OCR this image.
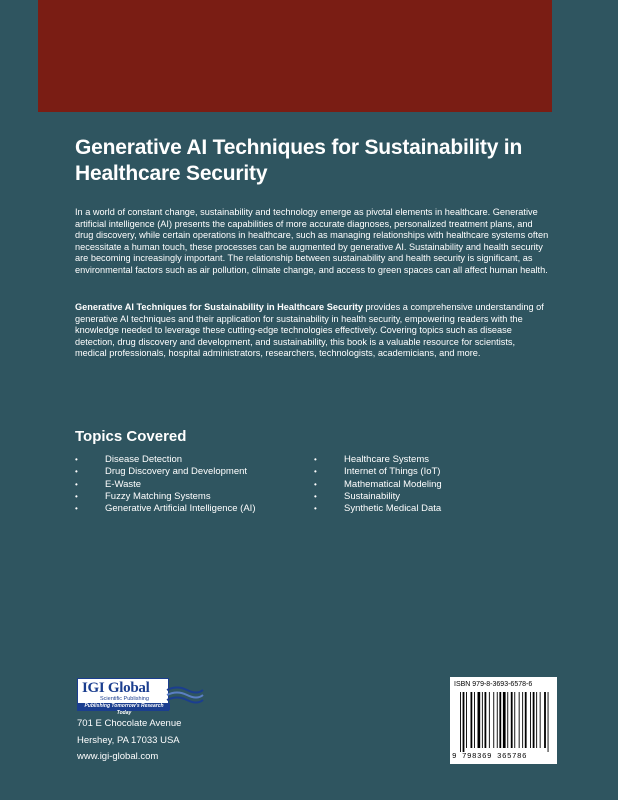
Generative AI Techniques for Sustainability in Healthcare Security

In a world of constant change, sustainability and technology emerge as pivotal elements in healthcare. Generative artificial intelligence (AI) presents the capabilities of more accurate diagnoses, personalized treatment plans, and drug discovery, while certain operations in healthcare, such as managing relationships with healthcare systems often necessitate a human touch, these processes can be augmented by generative AI. Sustainability and health security are becoming increasingly important. The relationship between sustainability and health security is significant, as environmental factors such as air pollution, climate change, and access to green spaces can all affect human health.

Generative AI Techniques for Sustainability in Healthcare Security provides a comprehensive understanding of generative AI techniques and their application for sustainability in health security, empowering readers with the knowledge needed to leverage these cutting-edge technologies effectively. Covering topics such as disease detection, drug discovery and development, and sustainability, this book is a valuable resource for scientists, medical professionals, hospital administrators, researchers, technologists, academicians, and more.

Topics Covered
•	Disease Detection
•	Drug Discovery and Development
•	E-Waste
•	Fuzzy Matching Systems
•	Generative Artificial Intelligence (AI)
•	Healthcare Systems
•	Internet of Things (IoT)
•	Mathematical Modeling
•	Sustainability
•	Synthetic Medical Data
IGI Global
Scientific Publishing
Publishing Tomorrow's Research Today
701 E Chocolate Avenue
Hershey, PA 17033 USA
www.igi-global.com
ISBN 979-8-3693-6578-6
9 798369 365786
